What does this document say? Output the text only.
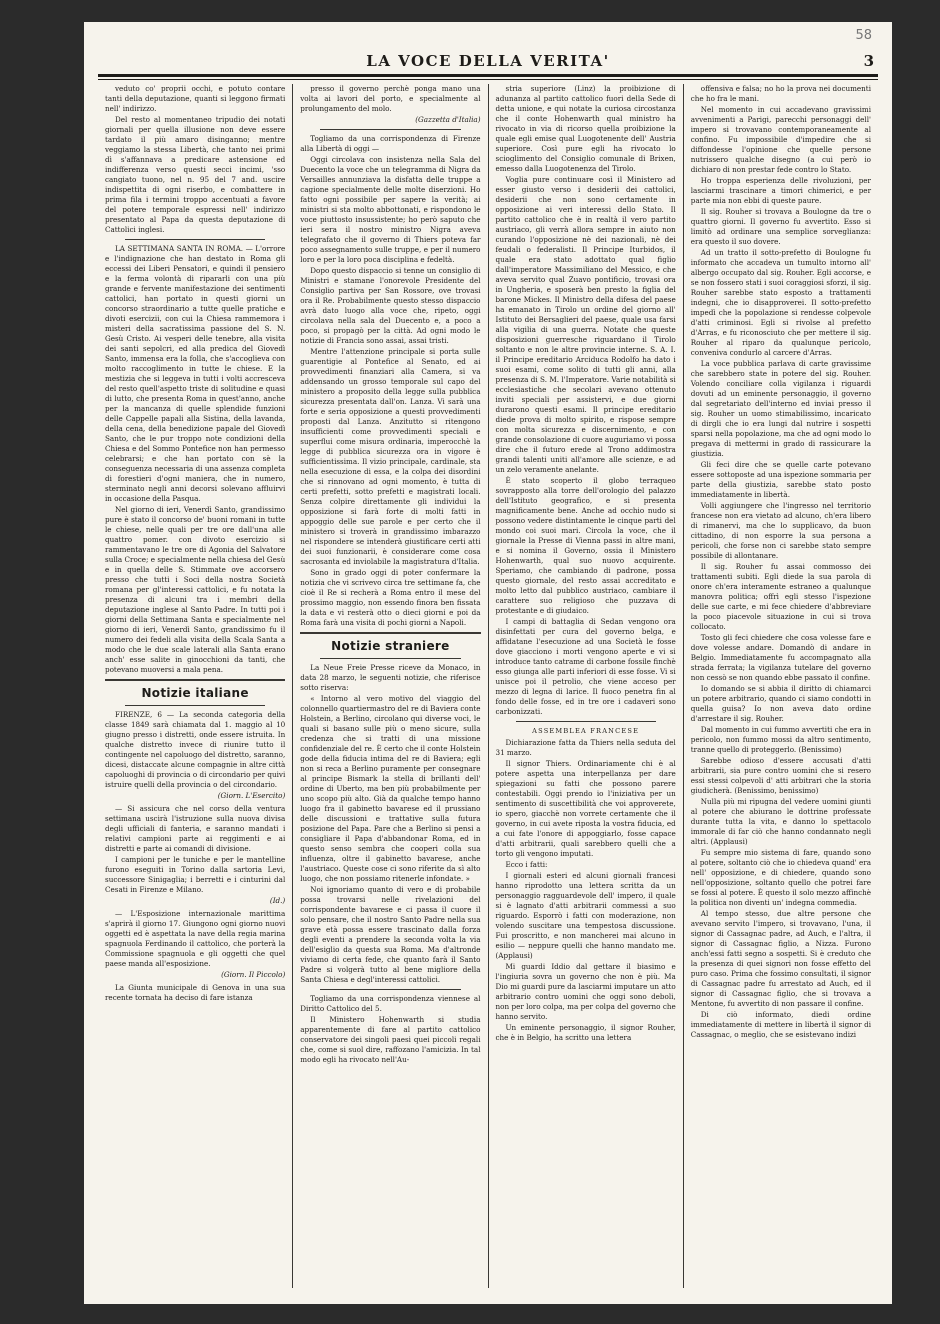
58
LA VOCE DELLA VERITA'	3

veduto co' proprii occhi, e potuto contare tanti della deputazione, quanti si leggono firmati nell' indirizzo.

Del resto al momentaneo tripudio dei notati giornali per quella illusione non deve essere tardato il più amaro disinganno; mentre veggiamo la stessa Libertà, che tanto nei primi dì s'affannava a predicare astensione ed indifferenza verso questi secci incimi, 'sso cangiato tuono, nel n. 95 del 7 and. uscire indispettita di ogni riserbo, e combattere in prima fila i termini troppo accentuati a favore del potere temporale espressi nell' indirizzo presentato al Papa da questa deputazione di Cattolici inglesi.

LA SETTIMANA SANTA IN ROMA. — L'orrore e l'indignazione che han destato in Roma gli eccessi dei Liberi Pensatori, e quindi il pensiero e la ferma volontà di ripararli con una più grande e fervente manifestazione dei sentimenti cattolici, han portato in questi giorni un concorso straordinario a tutte quelle pratiche e divoti esercizii, con cui la Chiesa rammemora i misteri della sacratissima passione del S. N. Gesù Cristo. Ai vesperi delle tenebre, alla visita dei santi sepolcri, ed alla predica del Giovedì Santo, immensa era la folla, che s'accoglieva con molto raccoglimento in tutte le chiese. E la mestizia che si leggeva in tutti i volti accresceva del resto quell'aspetto triste di solitudine e quasi di lutto, che presenta Roma in quest'anno, anche per la mancanza di quelle splendide funzioni delle Cappelle papali alla Sistina, della lavanda, della cena, della benedizione papale del Giovedì Santo, che le pur troppo note condizioni della Chiesa e del Sommo Pontefice non han permesso celebrarsi; e che han portato con sè la conseguenza necessaria di una assenza completa di forestieri d'ogni maniera, che in numero, sterminato negli anni decorsi solevano affluirvi in occasione della Pasqua.

Nel giorno di ieri, Venerdì Santo, grandissimo pure è stato il concorso de' buoni romani in tutte le chiese, nelle quali per tre ore dall'una alle quattro pomer. con divoto esercizio si rammentavano le tre ore di Agonia del Salvatore sulla Croce; e specialmente nella chiesa del Gesù e in quella delle S. Stimmate ove accorsero presso che tutti i Soci della nostra Società romana per gl'interessi cattolici, e fu notata la presenza di alcuni tra i membri della deputazione inglese al Santo Padre. In tutti poi i giorni della Settimana Santa e specialmente nel giorno di ieri, Venerdì Santo, grandissimo fu il numero dei fedeli alla visita della Scala Santa a modo che le due scale laterali alla Santa erano anch' esse salite in ginocchioni da tanti, che potevano muoversi a mala pena.

Notizie italiane

FIRENZE, 6 — La seconda categoria della classe 1849 sarà chiamata dal 1. maggio al 10 giugno presso i distretti, onde essere istruita. In qualche distretto invece di riunire tutto il contingente nel capoluogo del distretto, saranno, dicesi, distaccate alcune compagnie in altre città capoluoghi di provincia o di circondario per quivi istruire quelli della provincia o del circondario.

(Giorn. L'Esercito)

— Si assicura che nel corso della ventura settimana uscirà l'istruzione sulla nuova divisa degli ufficiali di fanteria, e saranno mandati i relativi campioni parte ai reggimenti e ai distretti e parte ai comandi di divisione.

I campioni per le tuniche e per le mantelline furono eseguiti in Torino dalla sartoria Levi, successore Sinigaglia; i berretti e i cinturini dal Cesati in Firenze e Milano.

(Id.)

— L'Esposizione internazionale marittima s'aprirà il giorno 17. Giungono ogni giorno nuovi oggetti ed è aspettata la nave della regia marina spagnuola Ferdinando il cattolico, che porterà la Commissione spagnuola e gli oggetti che quel paese manda all'esposizione.

(Giorn. Il Piccolo)

La Giunta municipale di Genova in una sua recente tornata ha deciso di fare istanza

presso il governo perchè ponga mano una volta ai lavori del porto, e specialmente al prolungamento del molo.

(Gazzetta d'Italia)

Togliamo da una corrispondenza di Firenze alla Libertà di oggi —

Oggi circolava con insistenza nella Sala del Duecento la voce che un telegramma di Nigra da Versailles annunziava la disfatta delle truppe a cagione specialmente delle molte diserzioni. Ho fatto ogni possibile per sapere la verità; ai ministri si sta molto abbottonati, e rispondono le voce piuttosto insussistente; ho però saputo che ieri sera il nostro ministro Nigra aveva telegrafato che il governo di Thiers poteva far poco assegnamento sulle truppe, e per il numero loro e per la loro poca disciplina e fedeltà.

Dopo questo dispaccio si tenne un consiglio di Ministri e stamane l'onorevole Presidente del Consiglio partiva per San Rossore, ove trovasi ora il Re. Probabilmente questo stesso dispaccio avrà dato luogo alla voce che, ripeto, oggi circolava nella sala del Duecento e, a poco a poco, si propagò per la città. Ad ogni modo le notizie di Francia sono assai, assai tristi.

Mentre l'attenzione principale si porta sulle guarentigie al Pontefice al Senato, ed ai provvedimenti finanziari alla Camera, si va addensando un grosso temporale sul capo del ministero a proposito della legge sulla pubblica sicurezza presentata dall'on. Lanza. Vi sarà una forte e seria opposizione a questi provvedimenti proposti dal Lanza. Anzitutto si ritengono insufficienti come provvedimenti speciali e superflui come misura ordinaria, imperocchè la legge di pubblica sicurezza ora in vigore è sufficientissima. Il vizio principale, cardinale, sta nella esecuzione di essa, e la colpa dei disordini che si rinnovano ad ogni momento, è tutta di certi prefetti, sotto prefetti e magistrati locali. Senza colpire direttamente gli individui la opposizione si farà forte di molti fatti in appoggio delle sue parole e per certo che il ministero si troverà in grandissimo imbarazzo nel rispondere se intenderà giustificare certi atti dei suoi funzionarii, è considerare come cosa sacrosanta ed inviolabile la magistratura d'Italia.

Sono in grado oggi di poter confermare la notizia che vi scrivevo circa tre settimane fa, che cioè il Re si recherà a Roma entro il mese del prossimo maggio, non essendo finora ben fissata la data e vi resterà otto o dieci giorni e poi da Roma farà una visita di pochi giorni a Napoli.

Notizie straniere

La Neue Freie Presse riceve da Monaco, in data 28 marzo, le seguenti notizie, che riferisce sotto riserva:

« Intorno al vero motivo del viaggio del colonnello quartiermastro del re di Baviera conte Holstein, a Berlino, circolano qui diverse voci, le quali si basano sulle più o meno sicure, sulla credenza che si tratti di una missione confidenziale del re. È certo che il conte Holstein gode della fiducia intima del re di Baviera; egli non si reca a Berlino puramente per consegnare al principe Bismark la stella di brillanti dell' ordine di Uberto, ma ben più probabilmente per uno scopo più alto. Già da qualche tempo hanno luogo fra il gabinetto bavarese ed il prussiano delle discussioni e trattative sulla futura posizione del Papa. Pare che a Berlino si pensi a consigliare il Papa d'abbandonar Roma, ed in questo senso sembra che cooperi colla sua influenza, oltre il gabinetto bavarese, anche l'austriaco. Queste cose ci sono riferite da sì alto luogo, che non possiamo ritenerle infondate. »

Noi ignoriamo quanto di vero e di probabile possa trovarsi nelle rivelazioni del corrispondente bavarese e ci passa il cuore il solo pensare, che il nostro Santo Padre nella sua grave età possa essere trascinato dalla forza degli eventi a prendere la seconda volta la via dell'esiglio da questa sua Roma. Ma d'altronde viviamo di certa fede, che quanto farà il Santo Padre si volgerà tutto al bene migliore della Santa Chiesa e degl'interessi cattolici.

Togliamo da una corrispondenza viennese al Diritto Cattolico del 5.

Il Ministero Hohenwarth si studia apparentemente di fare al partito cattolico conservatore dei singoli paesi quei piccoli regali che, come si suol dire, raffozano l'amicizia. In tal modo egli ha rivocato nell'Au-

stria superiore (Linz) la proibizione di adunanza al partito cattolico fuori della Sede di detta unione, e qui notate la curiosa circostanza che il conte Hohenwarth qual ministro ha rivocato in via di ricorso quella proibizione la quale egli emise qual Luogotenente dell' Austria superiore. Così pure egli ha rivocato lo scioglimento del Consiglio comunale di Brixen, emesso dalla Luogotenenza del Tirolo.

Voglia pure continuare così il Ministero ad esser giusto verso i desiderii dei cattolici, desiderii che non sono certamente in opposizione ai veri interessi dello Stato. Il partito cattolico che è in realtà il vero partito austriaco, gli verrà allora sempre in aiuto non curando l'opposizione nè dei nazionali, nè dei feudali o federalisti. Il Principe Iturbidos, il quale era stato adottato qual figlio dall'imperatore Massimiliano del Messico, e che aveva servito qual Zuavo pontificio, trovasi ora in Ungheria, e sposerà ben presto la figlia del barone Mickes. Il Ministro della difesa del paese ha emanato in Tirolo un ordine del giorno all' Istituto dei Bersaglieri del paese, quale usa farsi alla vigilia di una guerra. Notate che queste disposizioni guerresche riguardano il Tirolo soltanto e non le altre provincie interne. S. A. I. il Principe ereditario Arciduca Rodolfo ha dato i suoi esami, come solito di tutti gli anni, alla presenza di S. M. l'Imperatore. Varie notabilità si ecclesiastiche che secolari avevano ottenuto inviti speciali per assistervi, e due giorni durarono questi esami. Il principe ereditario diede prova di molto spirito, e rispose sempre con molta sicurezza e discernimento, e con grande consolazione di cuore auguriamo vi possa dire che il futuro erede al Trono addimostra grandi talenti uniti all'amore alle scienze, e ad un zelo veramente anelante.

È stato scoperto il globo terraqueo sovrapposto alla torre dell'orologio del palazzo dell'Istituto geografico, e si presenta magnificamente bene. Anche ad occhio nudo si possono vedere distintamente le cinque parti del mondo coi suoi mari. Circola la voce, che il giornale la Presse di Vienna passi in altre mani, e si nomina il Governo, ossia il Ministero Hohenwarth, qual suo nuovo acquirente. Speriamo, che cambiando di padrone, possa questo giornale, del resto assai accreditato e molto letto dal pubblico austriaco, cambiare il carattere suo religioso che puzzava di protestante e di giudaico.

I campi di battaglia di Sedan vengono ora disinfettati per cura del governo belga, e affidatane l'esecuzione ad una Società le fosse dove giacciono i morti vengono aperte e vi si introduce tanto catrame di carbone fossile finchè esso giunga alle parti inferiori di esse fosse. Vi si unisce poi il petrolio, che viene acceso per mezzo di legna di larice. Il fuoco penetra fin al fondo delle fosse, ed in tre ore i cadaveri sono carbonizzati.

ASSEMBLEA FRANCESE

Dichiarazione fatta da Thiers nella seduta del 31 marzo.

Il signor Thiers. Ordinariamente chi è al potere aspetta una interpellanza per dare spiegazioni su fatti che possono parere contestabili. Oggi prendo io l'iniziativa per un sentimento di suscettibilità che voi approverete, io spero, giacchè non vorrete certamente che il governo, in cui avete riposta la vostra fiducia, ed a cui fate l'onore di appoggiarlo, fosse capace d'atti arbitrarii, quali sarebbero quelli che a torto gli vengono imputati.

Ecco i fatti:

I giornali esteri ed alcuni giornali francesi hanno riprodotto una lettera scritta da un personaggio ragguardevole dell' impero, il quale si è lagnato d'atti arbitrarii commessi a suo riguardo. Esporrò i fatti con moderazione, non volendo suscitare una tempestosa discussione. Fui proscritto, e non mancherei mai alcuno in esilio — neppure quelli che hanno mandato me. (Applausi)

Mi guardi Iddio dal gettare il biasimo e l'ingiuria sovra un governo che non è più. Ma Dio mi guardi pure da lasciarmi imputare un atto arbitrario contro uomini che oggi sono deboli, non per loro colpa, ma per colpa del governo che hanno servito.

Un eminente personaggio, il signor Rouher, che è in Belgio, ha scritto una lettera

offensiva e falsa; no ho la prova nei documenti che ho fra le mani.

Nel momento in cui accadevano gravissimi avvenimenti a Parigi, parecchi personaggi dell' impero si trovavano contemporaneamente al confino. Fu impossibile d'impedire che si diffondesse l'opinione che quelle persone nutrissero qualche disegno (a cui però io dichiaro di non prestar fede contro lo Stato.

Ho troppa esperienza delle rivoluzioni, per lasciarmi trascinare a timori chimerici, e per parte mia non ebbi di queste paure.

Il sig. Rouher si trovava a Boulogne da tre o quattro giorni. Il governo fu avvertito. Esso si limitò ad ordinare una semplice sorveglianza: era questo il suo dovere.

Ad un tratto il sotto-prefetto di Boulogne fu informato che accadeva un tumulto intorno all' albergo occupato dal sig. Rouher. Egli accorse, e se non fossero stati i suoi coraggiosi sforzi, il sig. Rouher sarebbe stato esposto a trattamenti indegni, che io disapproverei. Il sotto-prefetto impedì che la popolazione si rendesse colpevole d'atti criminosi. Egli si rivolse al prefetto d'Arras, e fu riconosciuto che per mettere il sig. Rouher al riparo da qualunque pericolo, conveniva condurlo al carcere d'Arras.

La voce pubblica parlava di carte gravissime che sarebbero state in potere del sig. Rouher. Volendo conciliare colla vigilanza i riguardi dovuti ad un eminente personaggio, il governo dal segretariato dell'interno ed inviai presso il sig. Rouher un uomo stimabilissimo, incaricato di dirgli che io era lungi dal nutrire i sospetti sparsi nella popolazione, ma che ad ogni modo lo pregava di mettermi in grado di rassicurare la giustizia.

Gli feci dire che se quelle carte potevano essere sottoposte ad una ispezione sommaria per parte della giustizia, sarebbe stato posto immediatamente in libertà.

Volli aggiungere che l'ingresso nel territorio francese non era vietato ad alcuno, ch'era libero di rimanervi, ma che lo supplicavo, da buon cittadino, di non esporre la sua persona a pericoli, che forse non ci sarebbe stato sempre possibile di allontanare.

Il sig. Rouher fu assai commosso dei trattamenti subiti. Egli diede la sua parola di onore ch'era interamente estraneo a qualunque manovra politica; offrì egli stesso l'ispezione delle sue carte, e mi fece chiedere d'abbreviare la poco piacevole situazione in cui si trova collocato.

Tosto gli feci chiedere che cosa volesse fare e dove volesse andare. Domandò di andare in Belgio. Immediatamente fu accompagnato alla strada ferrata; la vigilanza tutelare del governo non cessò se non quando ebbe passato il confine.

Io domando se si abbia il diritto di chiamarci un potere arbitrario, quando ci siamo condotti in quella guisa? Io non aveva dato ordine d'arrestare il sig. Rouher.

Dal momento in cui fummo avvertiti che era in pericolo, non fummo mossi da altro sentimento, tranne quello di proteggerlo. (Benissimo)

Sarebbe odioso d'essere accusati d'atti arbitrarii, sia pure contro uomini che si resero essi stessi colpevoli d' atti arbitrari che la storia giudicherà. (Benissimo, benissimo)

Nulla più mi ripugna del vedere uomini giunti al potere che abiurano le dottrine professate durante tutta la vita, e danno lo spettacolo immorale di far ciò che hanno condannato negli altri. (Applausi)

Fu sempre mio sistema di fare, quando sono al potere, soltanto ciò che io chiedeva quand' era nell' opposizione, e di chiedere, quando sono nell'opposizione, soltanto quello che potrei fare se fossi al potere. È questo il solo mezzo affinchè la politica non diventi un' indegna commedia.

Al tempo stesso, due altre persone che avevano servito l'impero, si trovavano, l'una, il signor di Cassagnac padre, ad Auch, e l'altra, il signor di Cassagnac figlio, a Nizza. Furono anch'essi fatti segno a sospetti. Si è creduto che la presenza di quei signori non fosse effetto del puro caso. Prima che fossimo consultati, il signor di Cassagnac padre fu arrestato ad Auch, ed il signor di Cassagnac figlio, che si trovava a Mentone, fu avvertito di non passare il confine.

Di ciò informato, diedi ordine immediatamente di mettere in libertà il signor di Cassagnac, o meglio, che se esistevano indizi
